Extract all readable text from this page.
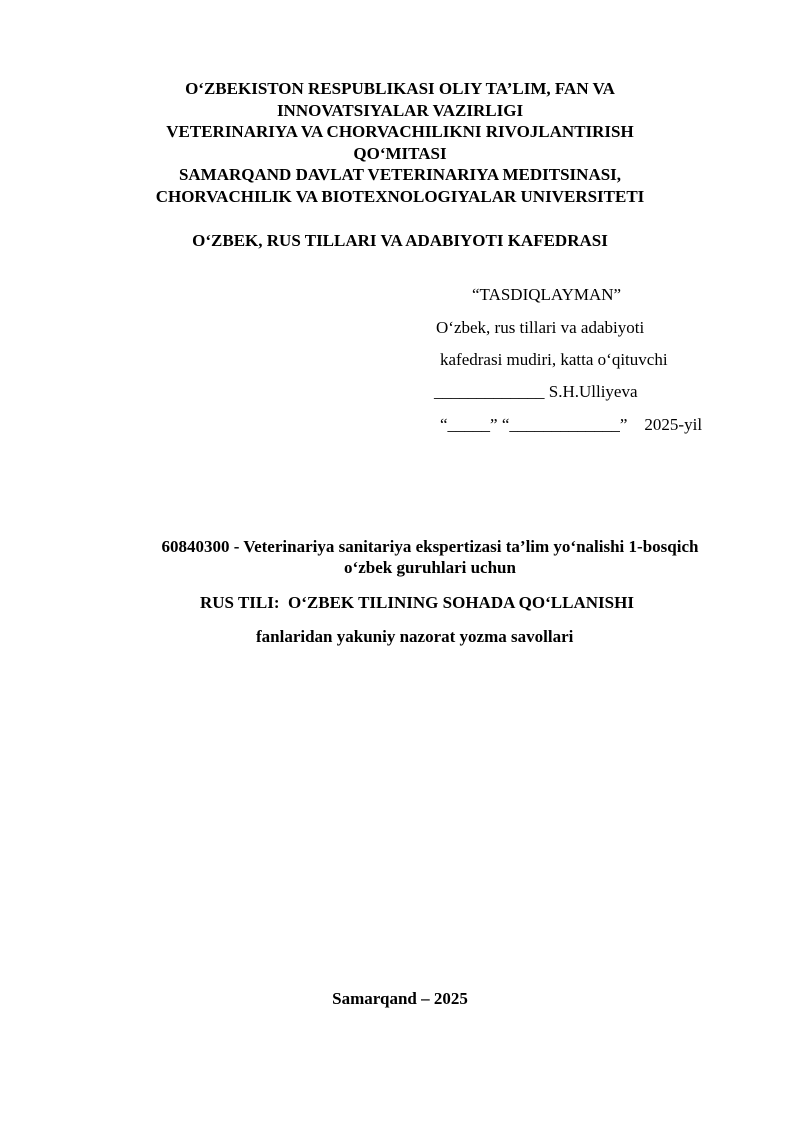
O‘ZBEKISTON RESPUBLIKASI OLIY TA’LIM, FAN VA
INNOVATSIYALAR VAZIRLIGI
VETERINARIYA VA CHORVACHILIKNI RIVOJLANTIRISH
QO‘MITASI
SAMARQAND DAVLAT VETERINARIYA MEDITSINASI,
CHORVACHILIK VA BIOTEXNOLOGIYALAR UNIVERSITETI
O‘ZBEK, RUS TILLARI VA ADABIYOTI KAFEDRASI
“TASDIQLAYMAN”
O‘zbek, rus tillari va adabiyoti
kafedrasi mudiri, katta o‘qituvchi
_____________ S.H.Ulliyeva
“_____” “_____________”    2025-yil
60840300 - Veterinariya sanitariya ekspertizasi ta’lim yo‘nalishi 1-bosqich
o‘zbek guruhlari uchun
RUS TILI:  O‘ZBEK TILINING SOHADA QO‘LLANISHI
fanlaridan yakuniy nazorat yozma savollari
Samarqand – 2025
